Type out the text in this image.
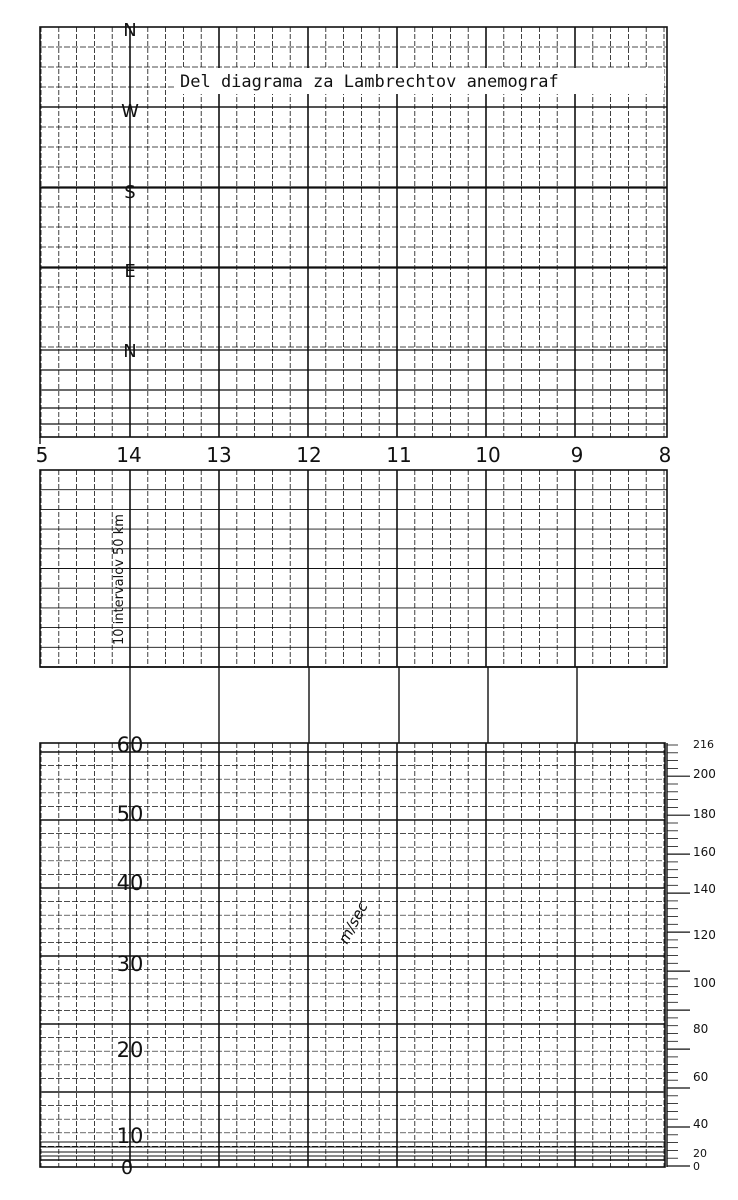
Del diagrama za Lambrechtov anemograf
N
W
S
E
N
5	14	13	12	11	10	9	8
10 intervalov 50 km
60
50
40
30
20
10
0
m/sec
216
200
180
160
140
120
100
80
60
40
20
0
